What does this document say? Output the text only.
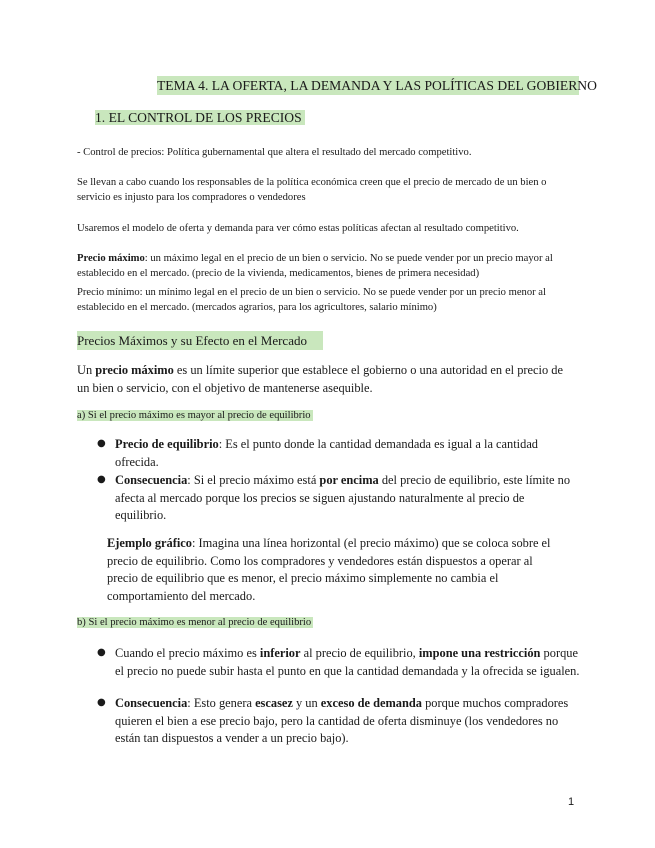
TEMA 4. LA OFERTA, LA DEMANDA Y LAS POLÍTICAS DEL GOBIERNO
1. EL CONTROL DE LOS PRECIOS
- Control de precios: Política gubernamental que altera el resultado del mercado competitivo.
Se llevan a cabo cuando los responsables de la política económica creen que el precio de mercado de un bien o servicio es injusto para los compradores o vendedores
Usaremos el modelo de oferta y demanda para ver cómo estas políticas afectan al resultado competitivo.
Precio máximo: un máximo legal en el precio de un bien o servicio. No se puede vender por un precio mayor al establecido en el mercado. (precio de la vivienda, medicamentos, bienes de primera necesidad)
Precio mínimo: un mínimo legal en el precio de un bien o servicio. No se puede vender por un precio menor al establecido en el mercado. (mercados agrarios, para los agricultores, salario mínimo)
Precios Máximos y su Efecto en el Mercado
Un precio máximo es un límite superior que establece el gobierno o una autoridad en el precio de un bien o servicio, con el objetivo de mantenerse asequible.
a) Si el precio máximo es mayor al precio de equilibrio
● Precio de equilibrio: Es el punto donde la cantidad demandada es igual a la cantidad ofrecida.
● Consecuencia: Si el precio máximo está por encima del precio de equilibrio, este límite no afecta al mercado porque los precios se siguen ajustando naturalmente al precio de equilibrio.
Ejemplo gráfico: Imagina una línea horizontal (el precio máximo) que se coloca sobre el precio de equilibrio. Como los compradores y vendedores están dispuestos a operar al precio de equilibrio que es menor, el precio máximo simplemente no cambia el comportamiento del mercado.
b) Si el precio máximo es menor al precio de equilibrio
● Cuando el precio máximo es inferior al precio de equilibrio, impone una restricción porque el precio no puede subir hasta el punto en que la cantidad demandada y la ofrecida se igualen.
● Consecuencia: Esto genera escasez y un exceso de demanda porque muchos compradores quieren el bien a ese precio bajo, pero la cantidad de oferta disminuye (los vendedores no están tan dispuestos a vender a un precio bajo).
1
